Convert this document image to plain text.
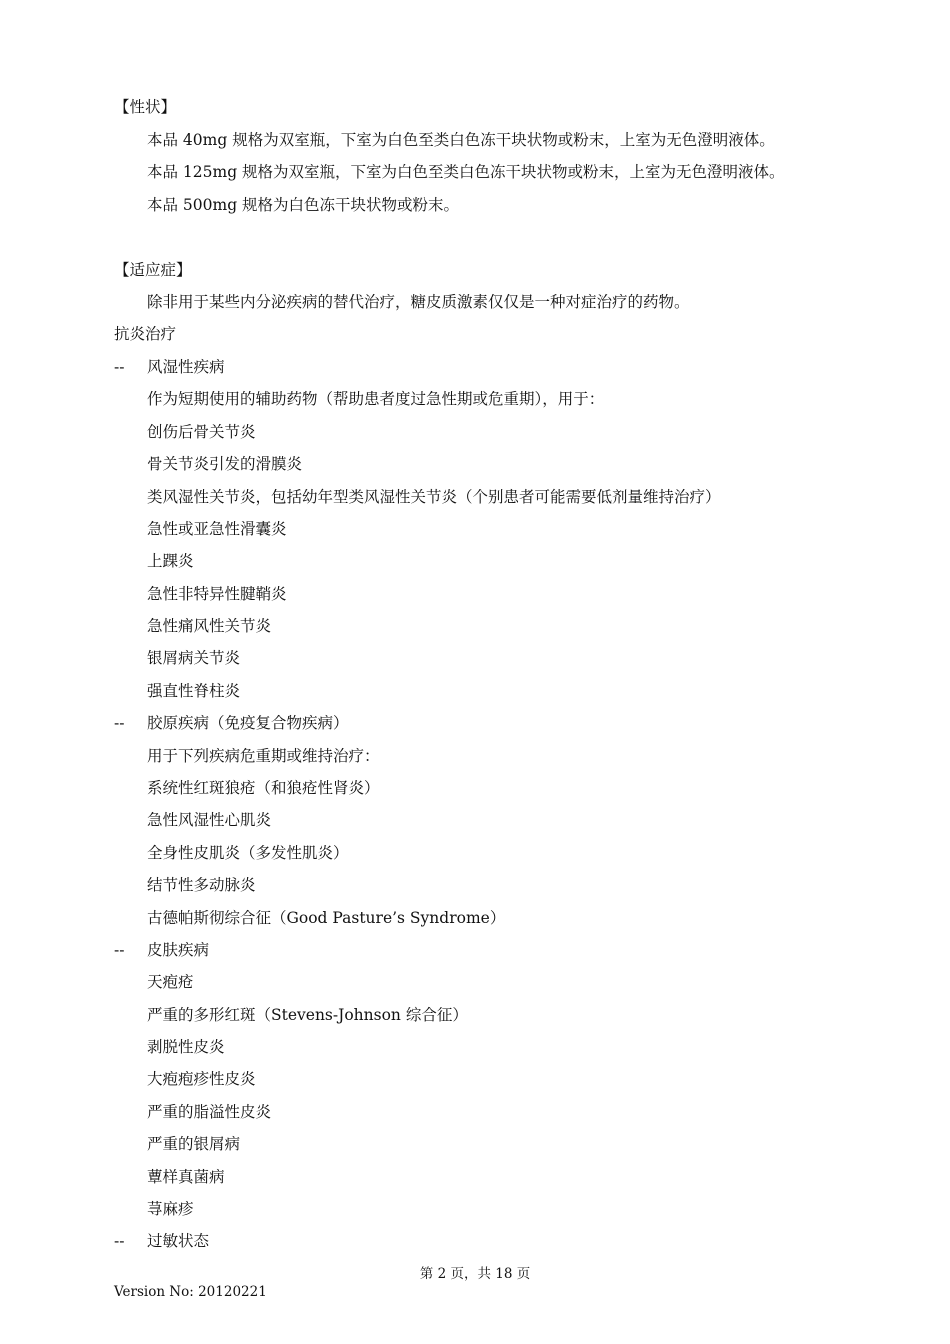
【性状】
本品 40mg 规格为双室瓶，下室为白色至类白色冻干块状物或粉末，上室为无色澄明液体。
本品 125mg 规格为双室瓶，下室为白色至类白色冻干块状物或粉末，上室为无色澄明液体。
本品 500mg 规格为白色冻干块状物或粉末。
【适应症】
除非用于某些内分泌疾病的替代治疗，糖皮质激素仅仅是一种对症治疗的药物。
抗炎治疗
-- 风湿性疾病
作为短期使用的辅助药物（帮助患者度过急性期或危重期），用于：
创伤后骨关节炎
骨关节炎引发的滑膜炎
类风湿性关节炎，包括幼年型类风湿性关节炎（个别患者可能需要低剂量维持治疗）
急性或亚急性滑囊炎
上踝炎
急性非特异性腱鞘炎
急性痛风性关节炎
银屑病关节炎
强直性脊柱炎
-- 胶原疾病（免疫复合物疾病）
用于下列疾病危重期或维持治疗：
系统性红斑狼疮（和狼疮性肾炎）
急性风湿性心肌炎
全身性皮肌炎（多发性肌炎）
结节性多动脉炎
古德帕斯彻综合征（Good Pasture’s Syndrome）
-- 皮肤疾病
天疱疮
严重的多形红斑（Stevens-Johnson 综合征）
剥脱性皮炎
大疱疱疹性皮炎
严重的脂溢性皮炎
严重的银屑病
蕈样真菌病
荨麻疹
-- 过敏状态
第 2 页，共 18 页
Version No: 20120221
